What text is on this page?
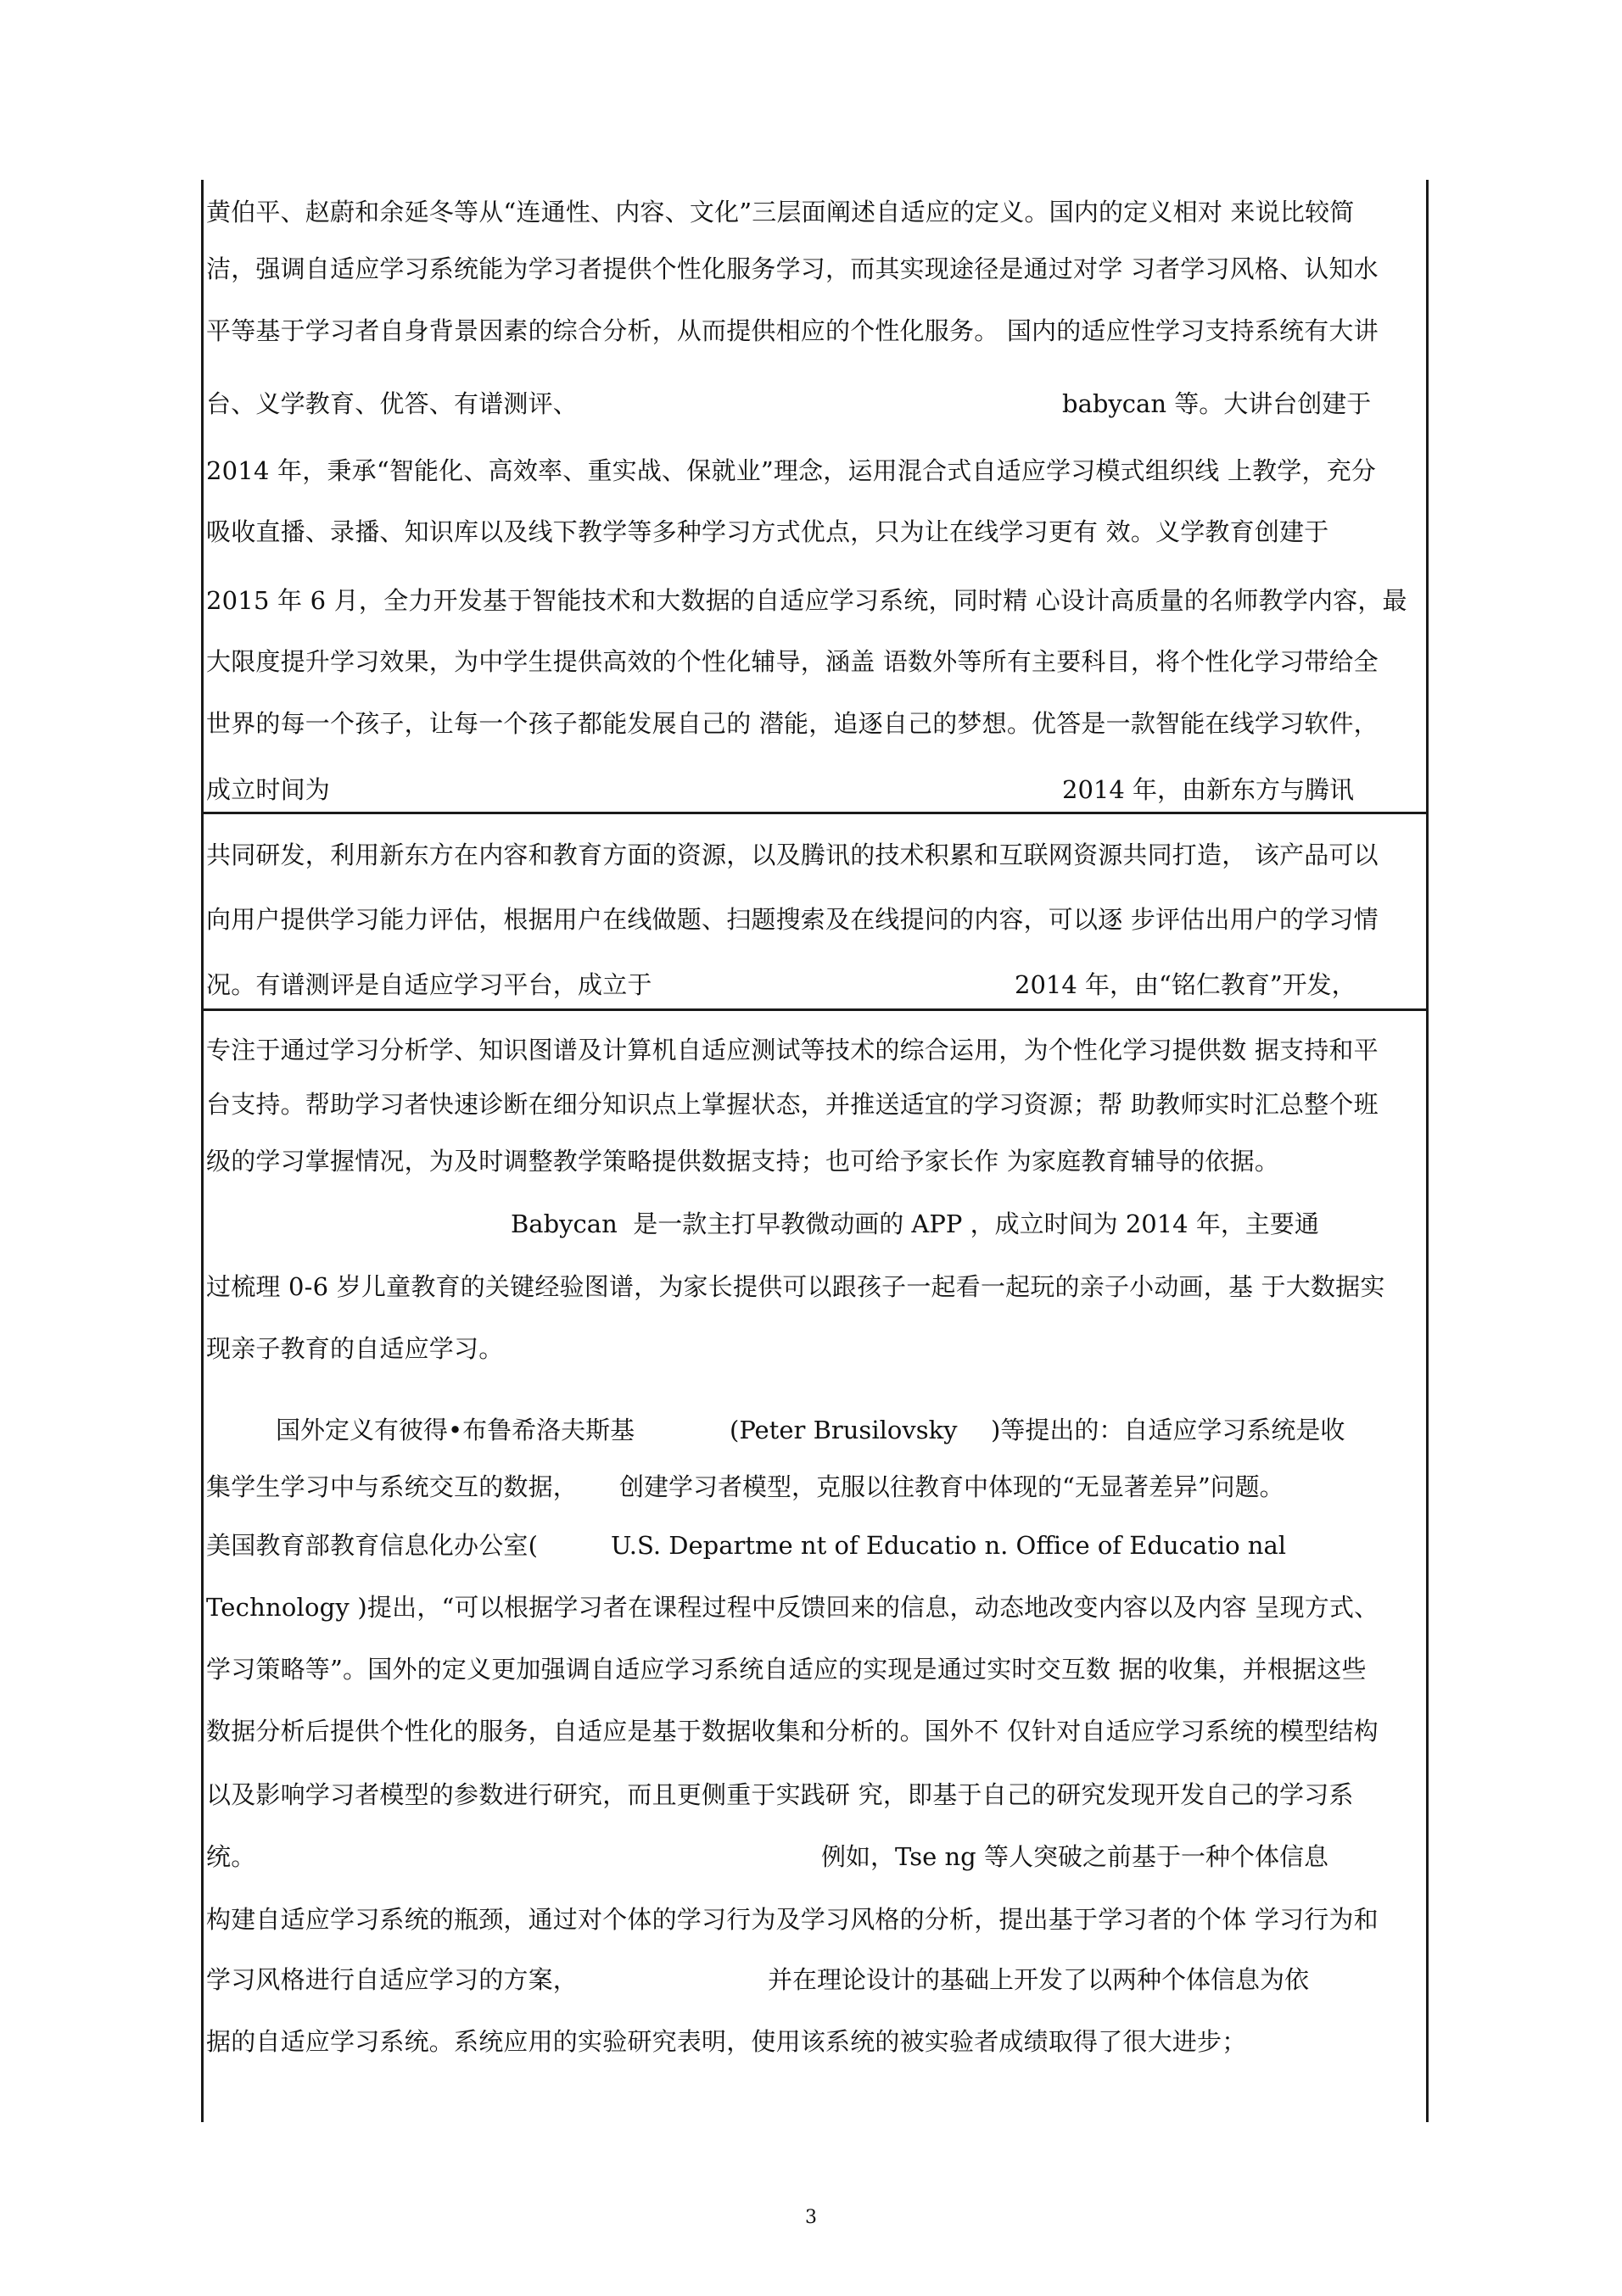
黄伯平、赵蔚和余延冬等从“连通性、内容、文化”三层面阐述自适应的定义。国内的定义相对 来说比较简
洁，强调自适应学习系统能为学习者提供个性化服务学习，而其实现途径是通过对学 习者学习风格、认知水
平等基于学习者自身背景因素的综合分析，从而提供相应的个性化服务。 国内的适应性学习支持系统有大讲
台、义学教育、优答、有谱测评、	babycan 等。大讲台创建于
2014 年，秉承“智能化、高效率、重实战、保就业”理念，运用混合式自适应学习模式组织线 上教学，充分
吸收直播、录播、知识库以及线下教学等多种学习方式优点，只为让在线学习更有 效。义学教育创建于
2015 年 6 月，全力开发基于智能技术和大数据的自适应学习系统，同时精 心设计高质量的名师教学内容，最
大限度提升学习效果，为中学生提供高效的个性化辅导，涵盖 语数外等所有主要科目，将个性化学习带给全
世界的每一个孩子，让每一个孩子都能发展自己的 潜能，追逐自己的梦想。优答是一款智能在线学习软件，
成立时间为	2014 年，由新东方与腾讯
共同研发，利用新东方在内容和教育方面的资源，以及腾讯的技术积累和互联网资源共同打造， 该产品可以
向用户提供学习能力评估，根据用户在线做题、扫题搜索及在线提问的内容，可以逐 步评估出用户的学习情
况。有谱测评是自适应学习平台，成立于	2014 年，由“铭仁教育”开发，
专注于通过学习分析学、知识图谱及计算机自适应测试等技术的综合运用，为个性化学习提供数 据支持和平
台支持。帮助学习者快速诊断在细分知识点上掌握状态，并推送适宜的学习资源；帮 助教师实时汇总整个班
级的学习掌握情况，为及时调整教学策略提供数据支持；也可给予家长作 为家庭教育辅导的依据。
Babycan  是一款主打早教微动画的 APP ，成立时间为 2014 年，主要通
过梳理 0-6 岁儿童教育的关键经验图谱，为家长提供可以跟孩子一起看一起玩的亲子小动画，基 于大数据实
现亲子教育的自适应学习。
国外定义有彼得•布鲁希洛夫斯基	(Peter Brusilovsky )等提出的：自适应学习系统是收
集学生学习中与系统交互的数据， 创建学习者模型，克服以往教育中体现的“无显著差异”问题。
美国教育部教育信息化办公室(	U.S. Departme nt of Educatio n. Office of Educatio nal
Technology )提出，“可以根据学习者在课程过程中反馈回来的信息，动态地改变内容以及内容 呈现方式、
学习策略等”。国外的定义更加强调自适应学习系统自适应的实现是通过实时交互数 据的收集，并根据这些
数据分析后提供个性化的服务，自适应是基于数据收集和分析的。国外不 仅针对自适应学习系统的模型结构
以及影响学习者模型的参数进行研究，而且更侧重于实践研 究，即基于自己的研究发现开发自己的学习系
统。	例如，Tse ng 等人突破之前基于一种个体信息
构建自适应学习系统的瓶颈，通过对个体的学习行为及学习风格的分析，提出基于学习者的个体 学习行为和
学习风格进行自适应学习的方案，	并在理论设计的基础上开发了以两种个体信息为依
据的自适应学习系统。系统应用的实验研究表明，使用该系统的被实验者成绩取得了很大进步；
3
